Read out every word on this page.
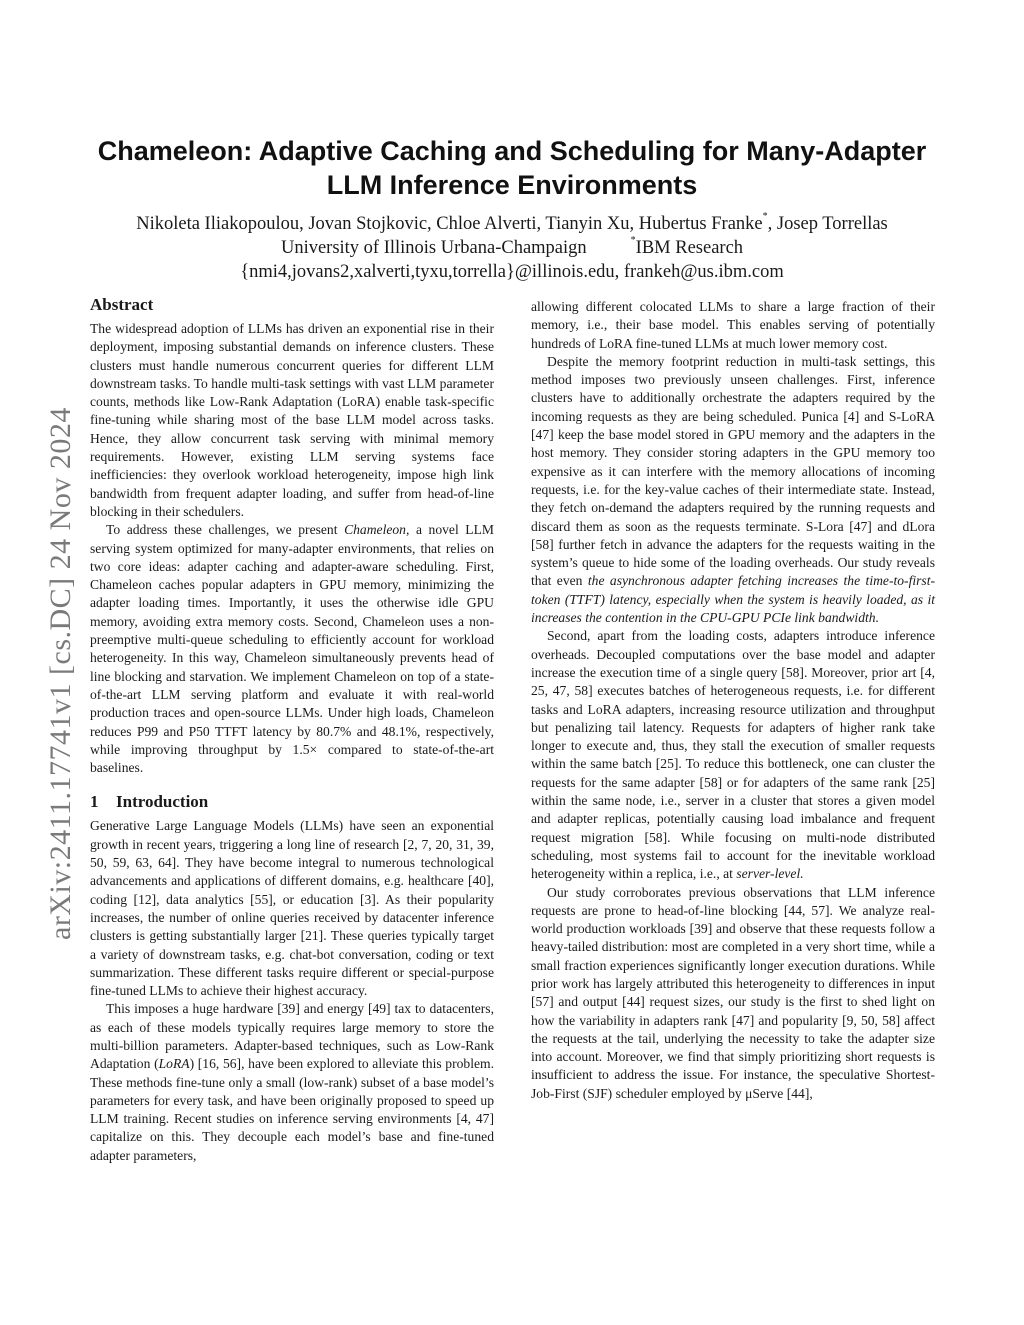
arXiv:2411.17741v1 [cs.DC] 24 Nov 2024
Chameleon: Adaptive Caching and Scheduling for Many-Adapter LLM Inference Environments
Nikoleta Iliakopoulou, Jovan Stojkovic, Chloe Alverti, Tianyin Xu, Hubertus Franke*, Josep Torrellas
University of Illinois Urbana-Champaign	*IBM Research
{nmi4,jovans2,xalverti,tyxu,torrella}@illinois.edu, frankeh@us.ibm.com
Abstract

The widespread adoption of LLMs has driven an exponential rise in their deployment, imposing substantial demands on inference clusters. These clusters must handle numerous concurrent queries for different LLM downstream tasks. To handle multi-task settings with vast LLM parameter counts, methods like Low-Rank Adaptation (LoRA) enable task-specific fine-tuning while sharing most of the base LLM model across tasks. Hence, they allow concurrent task serving with minimal memory requirements. However, existing LLM serving systems face inefficiencies: they overlook workload heterogeneity, impose high link bandwidth from frequent adapter loading, and suffer from head-of-line blocking in their schedulers.

To address these challenges, we present Chameleon, a novel LLM serving system optimized for many-adapter environments, that relies on two core ideas: adapter caching and adapter-aware scheduling. First, Chameleon caches popular adapters in GPU memory, minimizing the adapter loading times. Importantly, it uses the otherwise idle GPU memory, avoiding extra memory costs. Second, Chameleon uses a non-preemptive multi-queue scheduling to efficiently account for workload heterogeneity. In this way, Chameleon simultaneously prevents head of line blocking and starvation. We implement Chameleon on top of a state-of-the-art LLM serving platform and evaluate it with real-world production traces and open-source LLMs. Under high loads, Chameleon reduces P99 and P50 TTFT latency by 80.7% and 48.1%, respectively, while improving throughput by 1.5× compared to state-of-the-art baselines.

1 Introduction

Generative Large Language Models (LLMs) have seen an exponential growth in recent years, triggering a long line of research [2, 7, 20, 31, 39, 50, 59, 63, 64]. They have become integral to numerous technological advancements and applications of different domains, e.g. healthcare [40], coding [12], data analytics [55], or education [3]. As their popularity increases, the number of online queries received by datacenter inference clusters is getting substantially larger [21]. These queries typically target a variety of downstream tasks, e.g. chat-bot conversation, coding or text summarization. These different tasks require different or special-purpose fine-tuned LLMs to achieve their highest accuracy.

This imposes a huge hardware [39] and energy [49] tax to datacenters, as each of these models typically requires large memory to store the multi-billion parameters. Adapter-based techniques, such as Low-Rank Adaptation (LoRA) [16, 56], have been explored to alleviate this problem. These methods fine-tune only a small (low-rank) subset of a base model’s parameters for every task, and have been originally proposed to speed up LLM training. Recent studies on inference serving environments [4, 47] capitalize on this. They decouple each model’s base and fine-tuned adapter parameters,

allowing different colocated LLMs to share a large fraction of their memory, i.e., their base model. This enables serving of potentially hundreds of LoRA fine-tuned LLMs at much lower memory cost.

Despite the memory footprint reduction in multi-task settings, this method imposes two previously unseen challenges. First, inference clusters have to additionally orchestrate the adapters required by the incoming requests as they are being scheduled. Punica [4] and S-LoRA [47] keep the base model stored in GPU memory and the adapters in the host memory. They consider storing adapters in the GPU memory too expensive as it can interfere with the memory allocations of incoming requests, i.e. for the key-value caches of their intermediate state. Instead, they fetch on-demand the adapters required by the running requests and discard them as soon as the requests terminate. S-Lora [47] and dLora [58] further fetch in advance the adapters for the requests waiting in the system’s queue to hide some of the loading overheads. Our study reveals that even the asynchronous adapter fetching increases the time-to-first-token (TTFT) latency, especially when the system is heavily loaded, as it increases the contention in the CPU-GPU PCIe link bandwidth.

Second, apart from the loading costs, adapters introduce inference overheads. Decoupled computations over the base model and adapter increase the execution time of a single query [58]. Moreover, prior art [4, 25, 47, 58] executes batches of heterogeneous requests, i.e. for different tasks and LoRA adapters, increasing resource utilization and throughput but penalizing tail latency. Requests for adapters of higher rank take longer to execute and, thus, they stall the execution of smaller requests within the same batch [25]. To reduce this bottleneck, one can cluster the requests for the same adapter [58] or for adapters of the same rank [25] within the same node, i.e., server in a cluster that stores a given model and adapter replicas, potentially causing load imbalance and frequent request migration [58]. While focusing on multi-node distributed scheduling, most systems fail to account for the inevitable workload heterogeneity within a replica, i.e., at server-level.

Our study corroborates previous observations that LLM inference requests are prone to head-of-line blocking [44, 57]. We analyze real-world production workloads [39] and observe that these requests follow a heavy-tailed distribution: most are completed in a very short time, while a small fraction experiences significantly longer execution durations. While prior work has largely attributed this heterogeneity to differences in input [57] and output [44] request sizes, our study is the first to shed light on how the variability in adapters rank [47] and popularity [9, 50, 58] affect the requests at the tail, underlying the necessity to take the adapter size into account. Moreover, we find that simply prioritizing short requests is insufficient to address the issue. For instance, the speculative Shortest-Job-First (SJF) scheduler employed by μServe [44],
